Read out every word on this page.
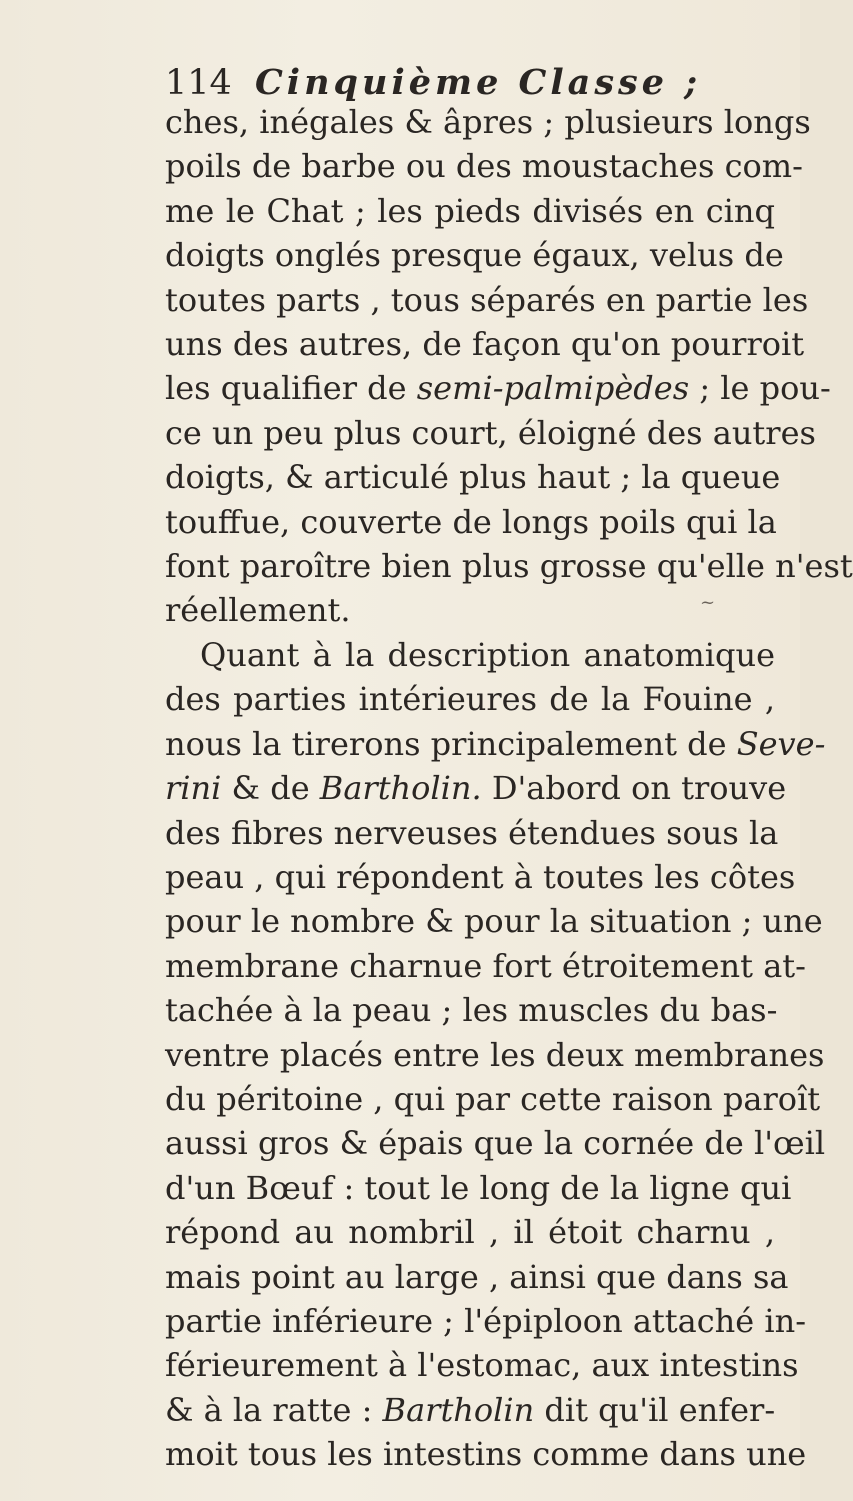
114 Cinquième Classe ;
ches, inégales & âpres ; plusieurs longs
poils de barbe ou des moustaches com-
me le Chat ; les pieds divisés en cinq
doigts onglés presque égaux, velus de
toutes parts , tous séparés en partie les
uns des autres, de façon qu'on pourroit
les qualifier de semi-palmipèdes ; le pou-
ce un peu plus court, éloigné des autres
doigts, & articulé plus haut ; la queue
touffue, couverte de longs poils qui la
font paroître bien plus grosse qu'elle n'est
réellement.
Quant à la description anatomique
des parties intérieures de la Fouine ,
nous la tirerons principalement de Seve-
rini & de Bartholin. D'abord on trouve
des fibres nerveuses étendues sous la
peau , qui répondent à toutes les côtes
pour le nombre & pour la situation ; une
membrane charnue fort étroitement at-
tachée à la peau ; les muscles du bas-
ventre placés entre les deux membranes
du péritoine , qui par cette raison paroît
aussi gros & épais que la cornée de l'œil
d'un Bœuf : tout le long de la ligne qui
répond au nombril , il étoit charnu ,
mais point au large , ainsi que dans sa
partie inférieure ; l'épiploon attaché in-
férieurement à l'estomac, aux intestins
& à la ratte : Bartholin dit qu'il enfer-
moit tous les intestins comme dans une
~
